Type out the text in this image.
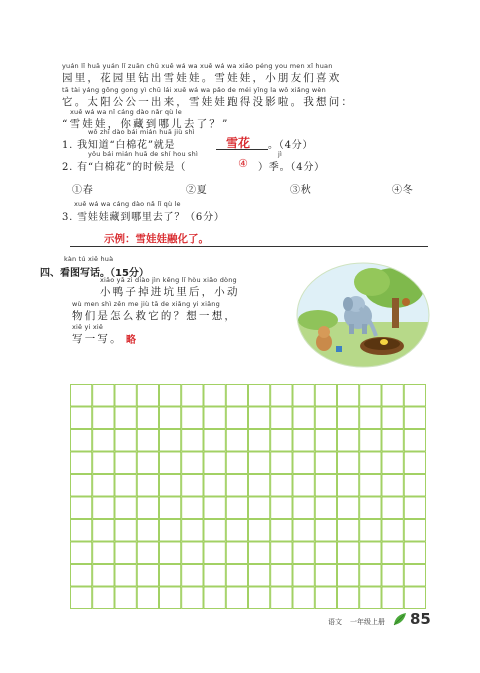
yuán lǐ huā yuán lǐ zuān chū xuě wá wa xuě wá wa xiǎo péng you men xǐ huan
园里，花园里钻出雪娃娃。雪娃娃，小朋友们喜欢
tā tài yáng gōng gong yì chū lái xuě wá wa pǎo de méi yǐng la wǒ xiǎng wèn
它。太阳公公一出来，雪娃娃跑得没影啦。我想问：
xuě wá wa nǐ cáng dào nǎr qù le
“雪娃娃，你藏到哪儿去了？”
wǒ zhī dào bái mián huā jiù shì
1. 我知道“白棉花”就是	雪花 。（4分）
yǒu bái mián huā de shí hou shì	jì
2. 有“白棉花”的时候是（	④ ）季。（4分）
①春	②夏	③秋	④冬
xuě wá wa cáng dào nǎ lǐ qù le
3. 雪娃娃藏到哪里去了？（6分）
示例：雪娃娃融化了。
kàn tú xiě huà
四、看图写话。（15分）
xiǎo yā zi diào jìn kēng lǐ hòu xiǎo dòng
小鸭子掉进坑里后，小动
wù men shì zěn me jiù tā de xiǎng yi xiǎng
物们是怎么救它的？想一想，
xiě yi xiě
写一写。 略
语文 一年级上册 85
